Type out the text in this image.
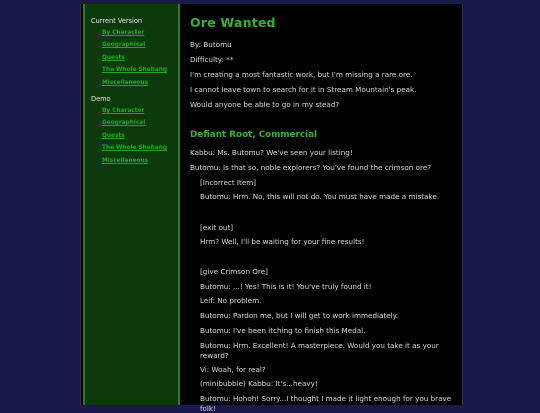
Current Version
By Character
Geographical
Quests
The Whole Shebang
Miscellaneous
Demo
By Character
Geographical
Quests
The Whole Shebang
Miscellaneous
Ore Wanted
By: Butomu
Difficulty: **
I'm creating a most fantastic work, but I'm missing a rare ore.
I cannot leave town to search for it in Stream Mountain's peak.
Would anyone be able to go in my stead?
Defiant Root, Commercial
Kabbu: Ms. Butomu? We've seen your listing!
Butomu: Is that so, noble explorers? You've found the crimson ore?
[Incorrect Item]
Butomu: Hrm. No, this will not do. You must have made a mistake.
[exit out]
Hrm? Well, I'll be waiting for your fine results!
[give Crimson Ore]
Butomu: ...! Yes! This is it! You've truly found it!
Leif: No problem.
Butomu: Pardon me, but I will get to work immediately.
Butomu: I've been itching to finish this Medal.
Butomu: Hrm. Excellent! A masterpiece. Would you take it as your reward?
Vi: Woah, for real?
(minibubble) Kabbu: It's...heavy!
Butomu: Hohoh! Sorry...I thought I made it light enough for you brave folk!
